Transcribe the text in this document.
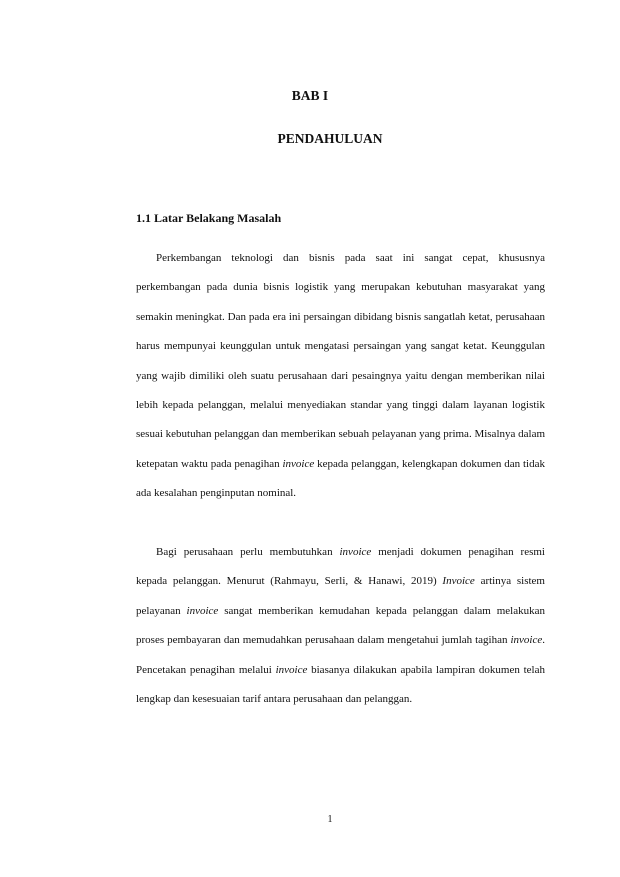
BAB I
PENDAHULUAN
1.1 Latar Belakang Masalah

Perkembangan teknologi dan bisnis pada saat ini sangat cepat, khususnya perkembangan pada dunia bisnis logistik yang merupakan kebutuhan masyarakat yang semakin meningkat. Dan pada era ini persaingan dibidang bisnis sangatlah ketat, perusahaan harus mempunyai keunggulan untuk mengatasi persaingan yang sangat ketat. Keunggulan yang wajib dimiliki oleh suatu perusahaan dari pesaingnya yaitu dengan memberikan nilai lebih kepada pelanggan, melalui menyediakan standar yang tinggi dalam layanan logistik sesuai kebutuhan pelanggan dan memberikan sebuah pelayanan yang prima. Misalnya dalam ketepatan waktu pada penagihan invoice kepada pelanggan, kelengkapan dokumen dan tidak ada kesalahan penginputan nominal.

Bagi perusahaan perlu membutuhkan invoice menjadi dokumen penagihan resmi kepada pelanggan. Menurut (Rahmayu, Serli, & Hanawi, 2019) Invoice artinya sistem pelayanan invoice sangat memberikan kemudahan kepada pelanggan dalam melakukan proses pembayaran dan memudahkan perusahaan dalam mengetahui jumlah tagihan invoice. Pencetakan penagihan melalui invoice biasanya dilakukan apabila lampiran dokumen telah lengkap dan kesesuaian tarif antara perusahaan dan pelanggan.

1
